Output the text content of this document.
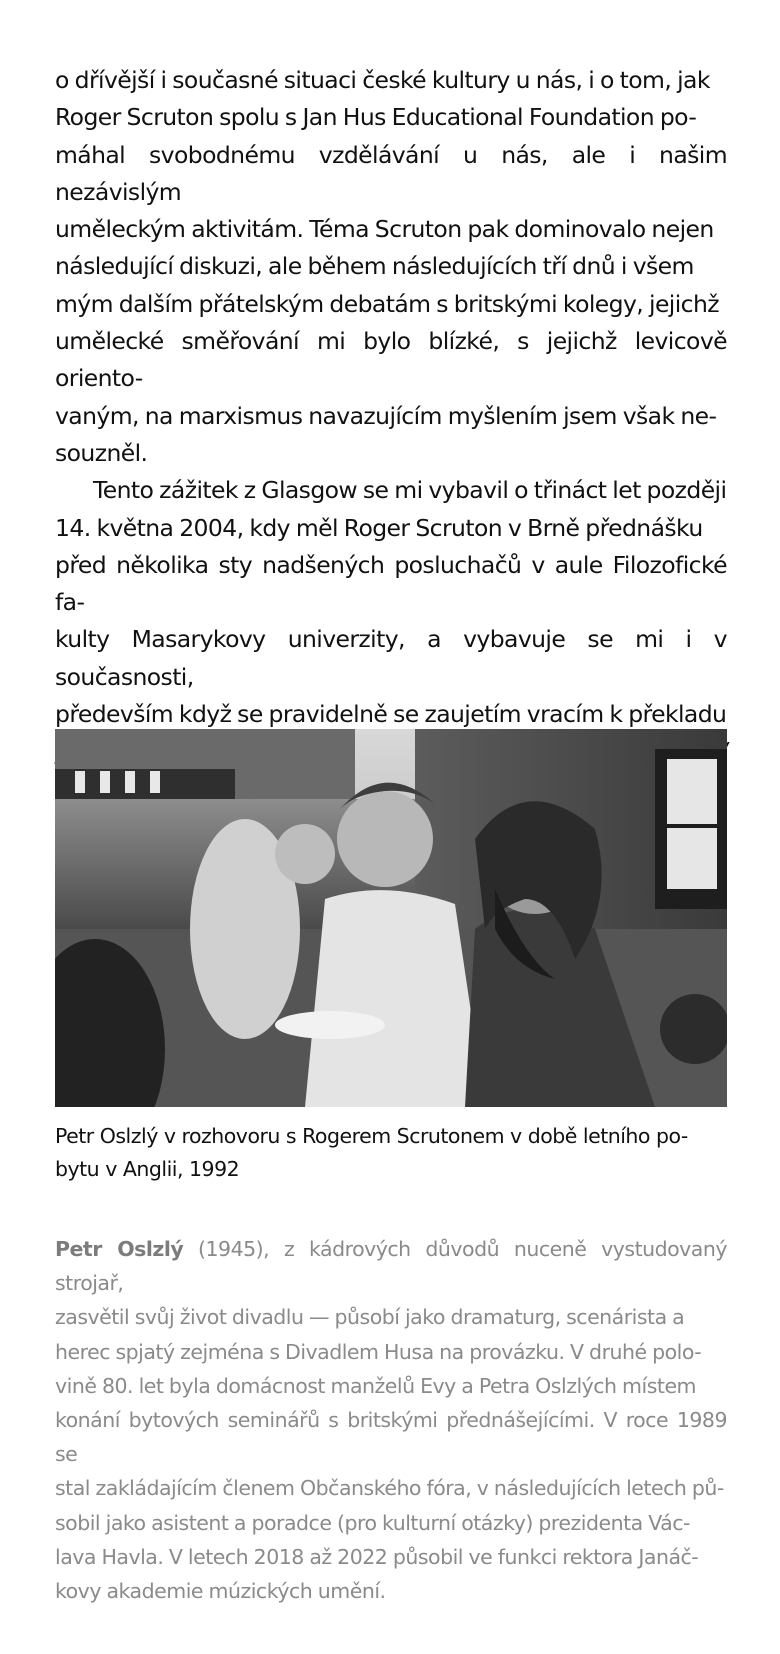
o dřívější i současné situaci české kultury u nás, i o tom, jak
Roger Scruton spolu s Jan Hus Educational Foundation po-
máhal svobodnému vzdělávání u nás, ale i našim nezávislým
uměleckým aktivitám. Téma Scruton pak dominovalo nejen
následující diskuzi, ale během následujících tří dnů i všem
mým dalším přátelským debatám s britskými kolegy, jejichž
umělecké směřování mi bylo blízké, s jejichž levicově oriento-
vaným, na marxismus navazujícím myšlením jsem však ne-
souzněl.

Tento zážitek z Glasgow se mi vybavil o třináct let později
14. května 2004, kdy měl Roger Scruton v Brně přednášku
před několika sty nadšených posluchačů v aule Filozofické fa-
kulty Masarykovy univerzity, a vybavuje se mi i v současnosti,
především když se pravidelně se zaujetím vracím k překladu

Petr Oslzlý v rozhovoru s Rogerem Scrutonem v době letního po-
bytu v Anglii, 1992

Petr Oslzlý (1945), z kádrových důvodů nuceně vystudovaný strojař,
zasvětil svůj život divadlu — působí jako dramaturg, scenárista a
herec spjatý zejména s Divadlem Husa na provázku. V druhé polo-
vině 80. let byla domácnost manželů Evy a Petra Oslzlých místem
konání bytových seminářů s britskými přednášejícími. V roce 1989 se
stal zakládajícím členem Občanského fóra, v následujících letech pů-
sobil jako asistent a poradce (pro kulturní otázky) prezidenta Vác-
lava Havla. V letech 2018 až 2022 působil ve funkci rektora Janáč-
kovy akademie múzických umění.
